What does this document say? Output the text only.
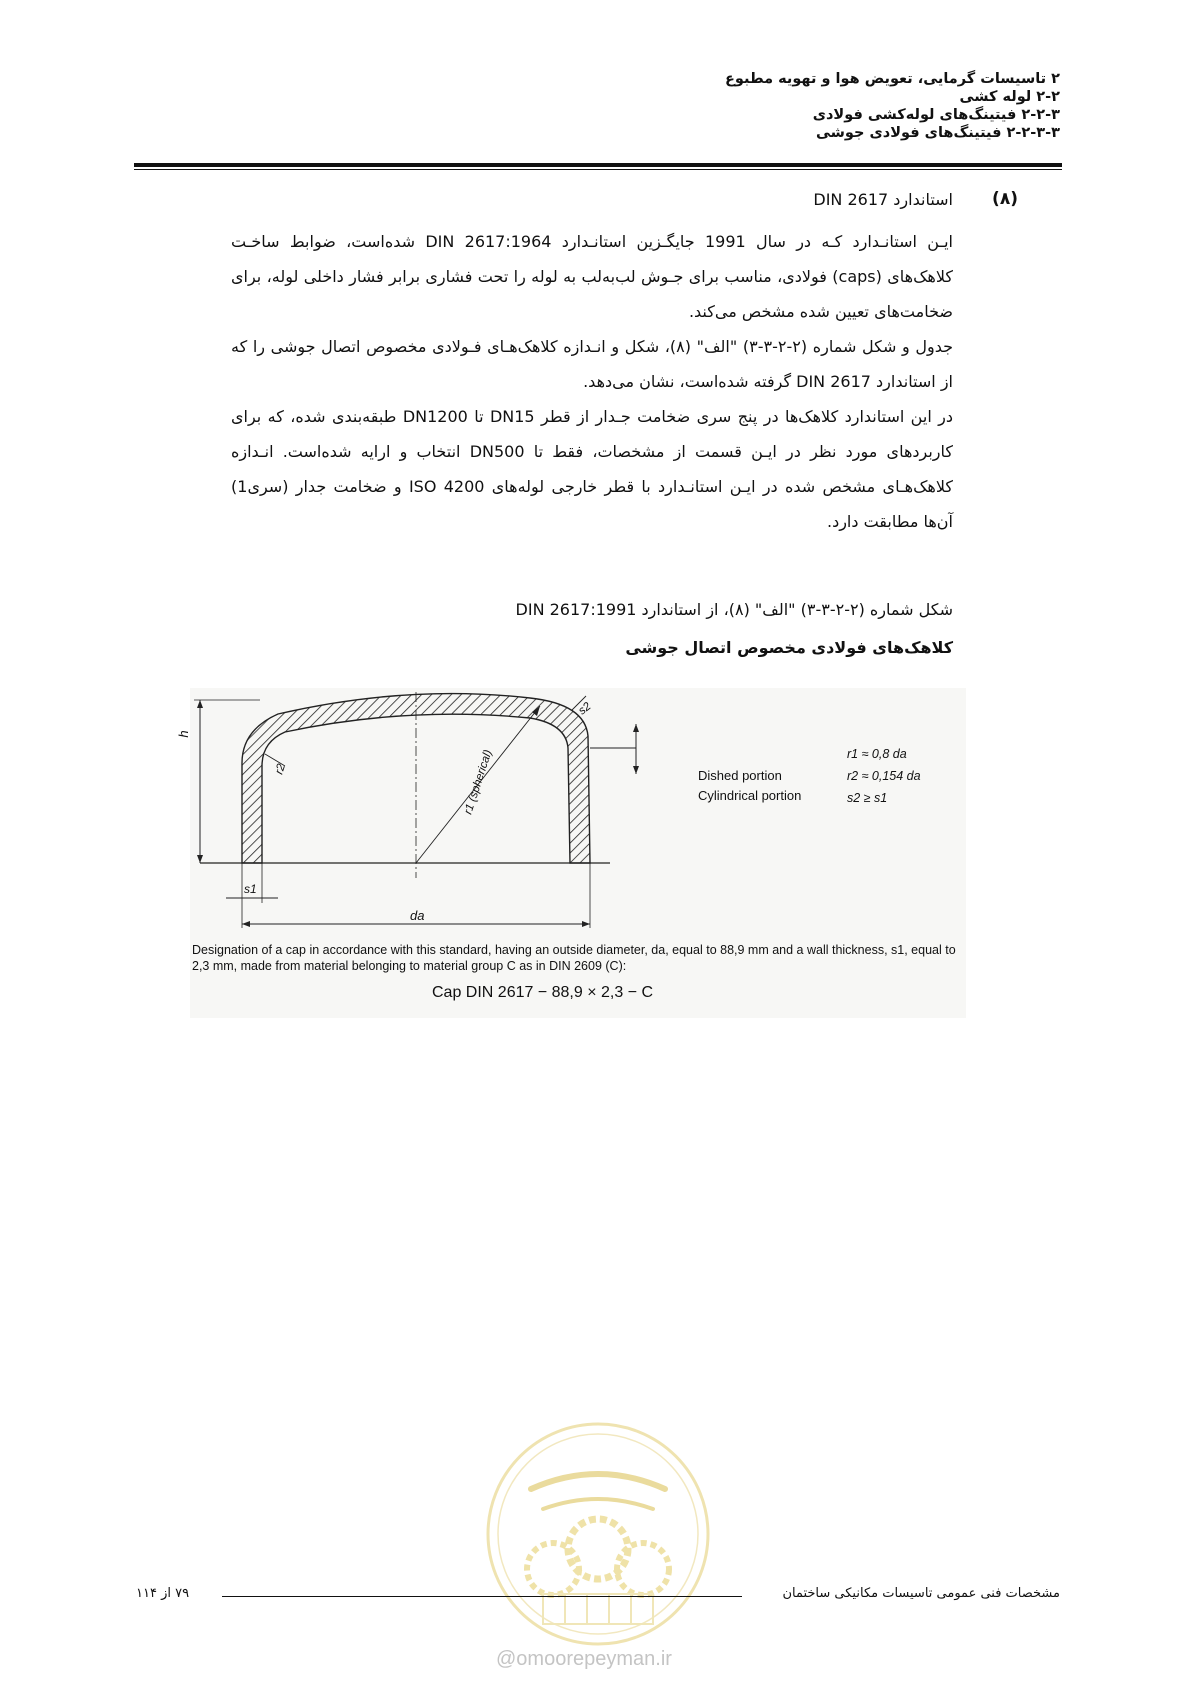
۲ تاسیسات گرمایی، تعویض هوا و تهویه مطبوع
۲-۲ لوله کشی
۲-۲-۳ فیتینگ‌های لوله‌کشی فولادی
۲-۲-۳-۳ فیتینگ‌های فولادی جوشی
(۸)
استاندارد DIN 2617

ایـن استانـدارد کـه در سال 1991 جایگـزین استانـدارد DIN 2617:1964 شده‌است، ضوابط ساخـت کلاهک‌های (caps) فولادی، مناسب برای جـوش لب‌به‌لب به لوله را تحت فشاری برابر فشار داخلی لوله، برای ضخامت‌های تعیین شده مشخص می‌کند.

جدول و شکل شماره (۲-۲-۳-۳) "الف" (۸)، شکل و انـدازه کلاهک‌هـای فـولادی مخصوص اتصال جوشی را که از استاندارد DIN 2617 گرفته شده‌است، نشان می‌دهد.

در این استاندارد کلاهک‌ها در پنج سری ضخامت جـدار از قطر DN15 تا DN1200 طبقه‌بندی شده، که برای کاربردهای مورد نظر در ایـن قسمت از مشخصات، فقط تا DN500 انتخاب و ارایه شده‌است. انـدازه کلاهک‌هـای مشخص شده در ایـن استانـدارد با قطر خارجی لوله‌های ISO 4200 و ضخامت جدار (سری1) آن‌ها مطابقت دارد.

شکل شماره (۲-۲-۳-۳) "الف" (۸)، از استاندارد DIN 2617:1991
کلاهک‌های فولادی مخصوص اتصال جوشی
h
r1 (spherical)
r2
s2
s1
da
Dished portion
Cylindrical portion
r1 ≈ 0,8 da
r2 ≈ 0,154 da
s2 ≥ s1
Designation of a cap in accordance with this standard, having an outside diameter, da, equal to 88,9 mm and a wall thickness, s1, equal to 2,3 mm, made from material belonging to material group C as in DIN 2609 (C):
Cap DIN 2617 − 88,9 × 2,3 − C
۷۹ از ۱۱۴	مشخصات فنی عمومی تاسیسات مکانیکی ساختمان
@omoorepeyman.ir
